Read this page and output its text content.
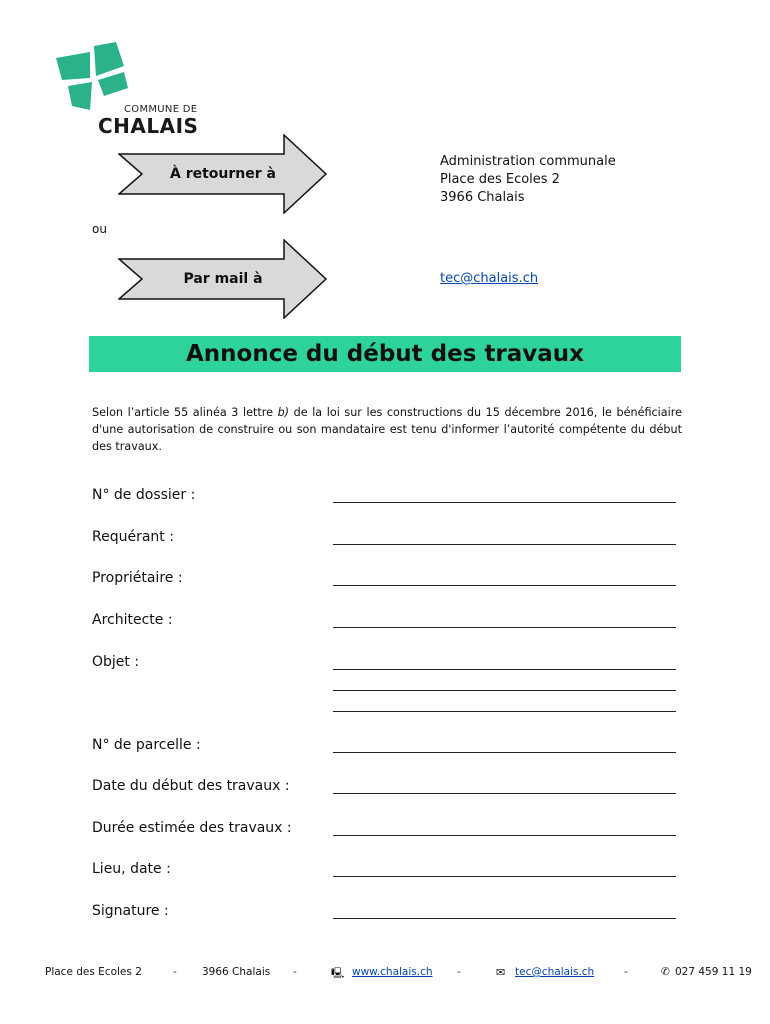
COMMUNE DE
CHALAIS
À retourner à
Administration communale
Place des Ecoles 2
3966 Chalais
ou
Par mail à	tec@chalais.ch
Annonce du début des travaux

Selon l’article 55 alinéa 3 lettre b) de la loi sur les constructions du 15 décembre 2016, le bénéficiaire d'une autorisation de construire ou son mandataire est tenu d'informer l’autorité compétente du début des travaux.

N° de dossier :
Requérant :
Propriétaire :
Architecte :
Objet :
N° de parcelle :
Date du début des travaux :
Durée estimée des travaux :
Lieu, date :
Signature :
Place des Ecoles 2	- 3966 Chalais -	🖳 www.chalais.ch -	✉ tec@chalais.ch	-	✆ 027 459 11 19
